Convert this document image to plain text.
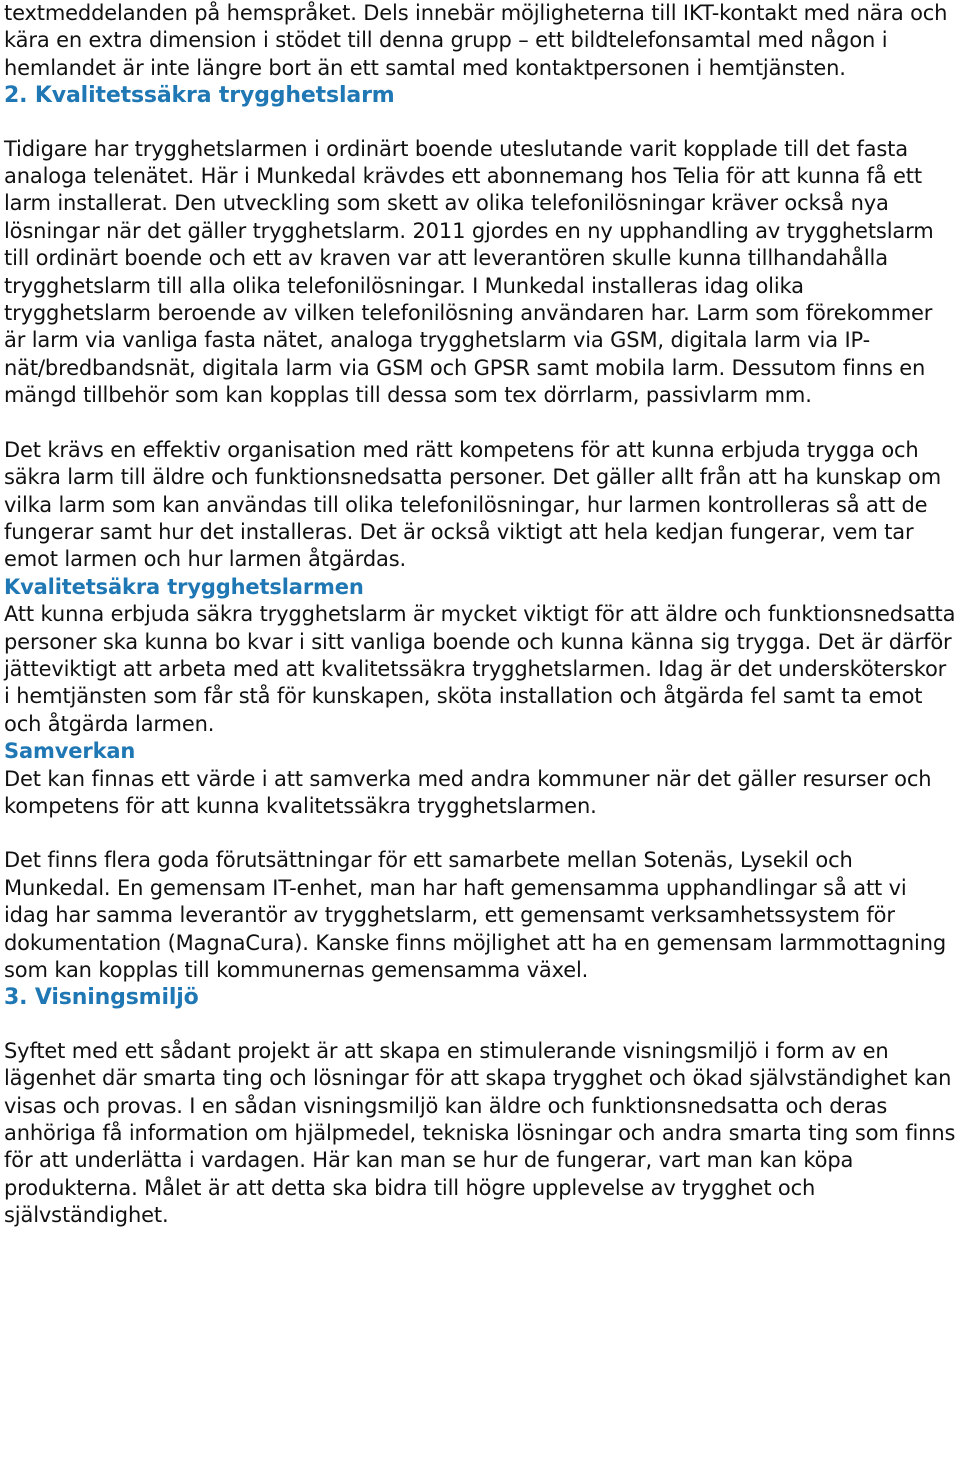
textmeddelanden på hemspråket. Dels innebär möjligheterna till IKT-kontakt med nära och kära en extra dimension i stödet till denna grupp – ett bildtelefonsamtal med någon i hemlandet är inte längre bort än ett samtal med kontaktpersonen i hemtjänsten.

2. Kvalitetssäkra trygghetslarm

Tidigare har trygghetslarmen i ordinärt boende uteslutande varit kopplade till det fasta analoga telenätet. Här i Munkedal krävdes ett abonnemang hos Telia för att kunna få ett larm installerat. Den utveckling som skett av olika telefonilösningar kräver också nya lösningar när det gäller trygghetslarm. 2011 gjordes en ny upphandling av trygghetslarm till ordinärt boende och ett av kraven var att leverantören skulle kunna tillhandahålla trygghetslarm till alla olika telefonilösningar. I Munkedal installeras idag olika trygghetslarm beroende av vilken telefonilösning användaren har. Larm som förekommer är larm via vanliga fasta nätet, analoga trygghetslarm via GSM, digitala larm via IP-nät/bredbandsnät, digitala larm via GSM och GPSR samt mobila larm. Dessutom finns en mängd tillbehör som kan kopplas till dessa som tex dörrlarm, passivlarm mm.

Det krävs en effektiv organisation med rätt kompetens för att kunna erbjuda trygga och säkra larm till äldre och funktionsnedsatta personer. Det gäller allt från att ha kunskap om vilka larm som kan användas till olika telefonilösningar, hur larmen kontrolleras så att de fungerar samt hur det installeras. Det är också viktigt att hela kedjan fungerar, vem tar emot larmen och hur larmen åtgärdas.

Kvalitetsäkra trygghetslarmen

Att kunna erbjuda säkra trygghetslarm är mycket viktigt för att äldre och funktionsnedsatta personer ska kunna bo kvar i sitt vanliga boende och kunna känna sig trygga. Det är därför jätteviktigt att arbeta med att kvalitetssäkra trygghetslarmen. Idag är det undersköterskor i hemtjänsten som får stå för kunskapen, sköta installation och åtgärda fel samt ta emot och åtgärda larmen.

Samverkan

Det kan finnas ett värde i att samverka med andra kommuner när det gäller resurser och kompetens för att kunna kvalitetssäkra trygghetslarmen.

Det finns flera goda förutsättningar för ett samarbete mellan Sotenäs, Lysekil och Munkedal. En gemensam IT-enhet, man har haft gemensamma upphandlingar så att vi idag har samma leverantör av trygghetslarm, ett gemensamt verksamhetssystem för dokumentation (MagnaCura). Kanske finns möjlighet att ha en gemensam larmmottagning som kan kopplas till kommunernas gemensamma växel.

3. Visningsmiljö

Syftet med ett sådant projekt är att skapa en stimulerande visningsmiljö i form av en lägenhet där smarta ting och lösningar för att skapa trygghet och ökad självständighet kan visas och provas. I en sådan visningsmiljö kan äldre och funktionsnedsatta och deras anhöriga få information om hjälpmedel, tekniska lösningar och andra smarta ting som finns för att underlätta i vardagen. Här kan man se hur de fungerar, vart man kan köpa produkterna. Målet är att detta ska bidra till högre upplevelse av trygghet och självständighet.
